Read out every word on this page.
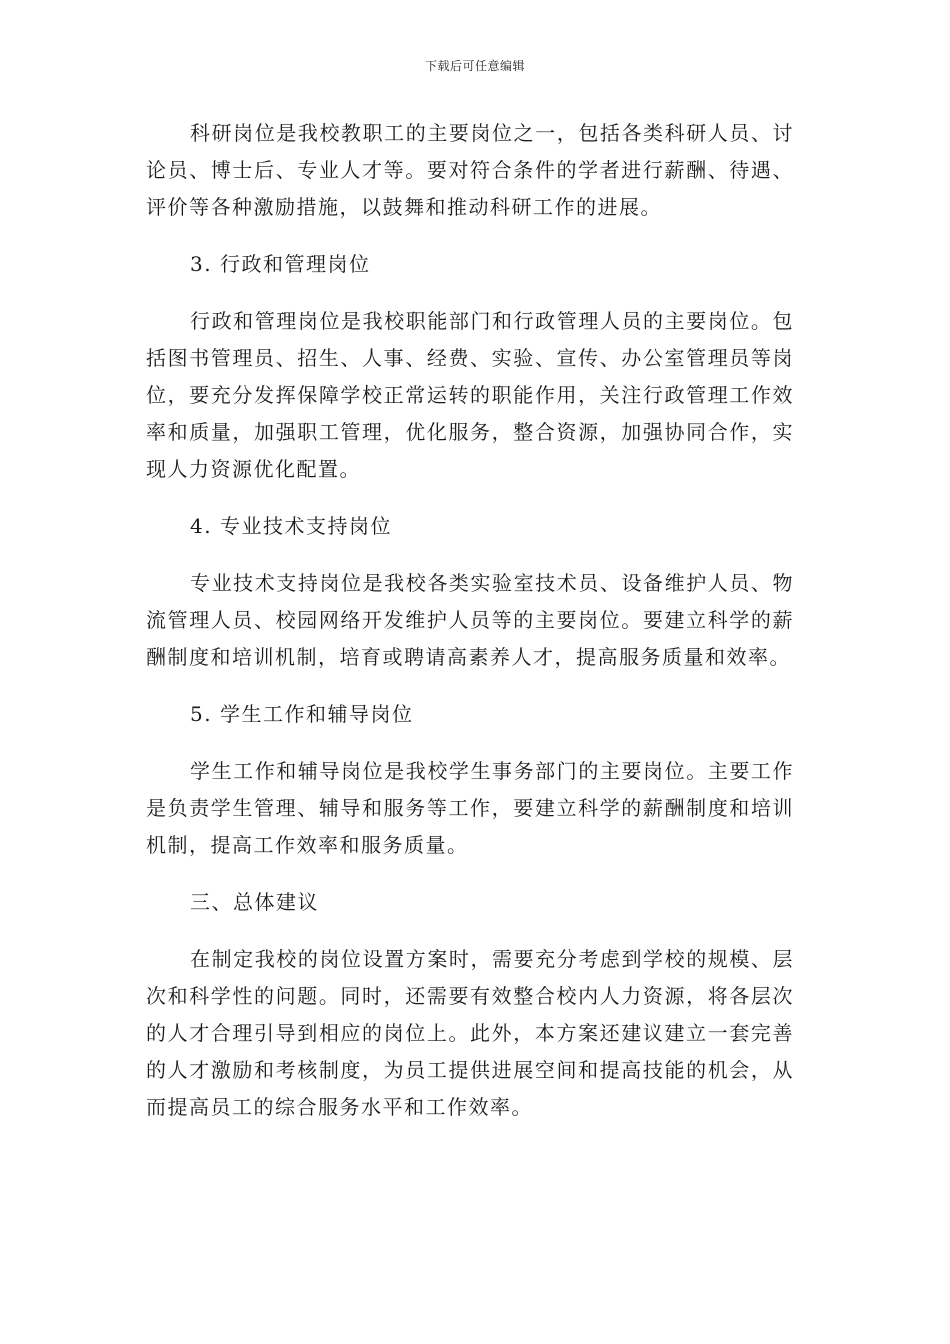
下载后可任意编辑

科研岗位是我校教职工的主要岗位之一，包括各类科研人员、讨论员、博士后、专业人才等。要对符合条件的学者进行薪酬、待遇、评价等各种激励措施，以鼓舞和推动科研工作的进展。

3. 行政和管理岗位

行政和管理岗位是我校职能部门和行政管理人员的主要岗位。包括图书管理员、招生、人事、经费、实验、宣传、办公室管理员等岗位，要充分发挥保障学校正常运转的职能作用，关注行政管理工作效率和质量，加强职工管理，优化服务，整合资源，加强协同合作，实现人力资源优化配置。

4. 专业技术支持岗位

专业技术支持岗位是我校各类实验室技术员、设备维护人员、物流管理人员、校园网络开发维护人员等的主要岗位。要建立科学的薪酬制度和培训机制，培育或聘请高素养人才，提高服务质量和效率。

5. 学生工作和辅导岗位

学生工作和辅导岗位是我校学生事务部门的主要岗位。主要工作是负责学生管理、辅导和服务等工作，要建立科学的薪酬制度和培训机制，提高工作效率和服务质量。

三、总体建议

在制定我校的岗位设置方案时，需要充分考虑到学校的规模、层次和科学性的问题。同时，还需要有效整合校内人力资源，将各层次的人才合理引导到相应的岗位上。此外，本方案还建议建立一套完善的人才激励和考核制度，为员工提供进展空间和提高技能的机会，从而提高员工的综合服务水平和工作效率。
